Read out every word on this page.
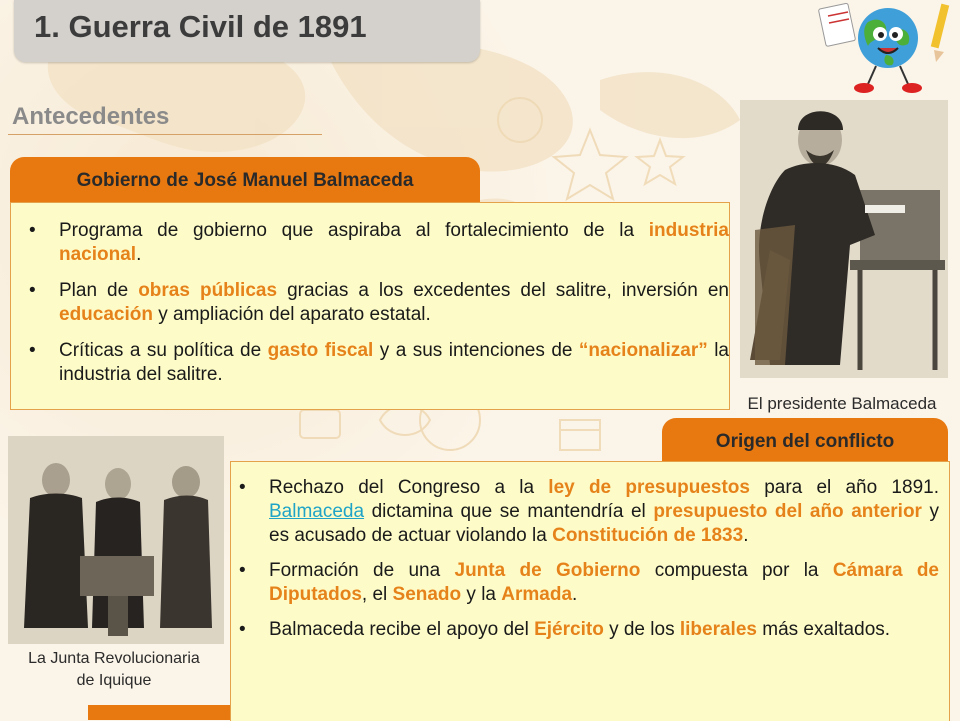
1. Guerra Civil de 1891
Antecedentes
Gobierno de José Manuel Balmaceda
• Programa de gobierno que aspiraba al fortalecimiento de la industria nacional.
• Plan de obras públicas gracias a los excedentes del salitre, inversión en educación y ampliación del aparato estatal.
• Críticas a su política de gasto fiscal y a sus intenciones de “nacionalizar” la industria del salitre.
El presidente Balmaceda
La Junta Revolucionaria
de Iquique
Origen del conflicto
• Rechazo del Congreso a la ley de presupuestos para el año 1891. Balmaceda dictamina que se mantendría el presupuesto del año anterior y es acusado de actuar violando la Constitución de 1833.
• Formación de una Junta de Gobierno compuesta por la Cámara de Diputados, el Senado y la Armada.
• Balmaceda recibe el apoyo del Ejército y de los liberales más exaltados.
